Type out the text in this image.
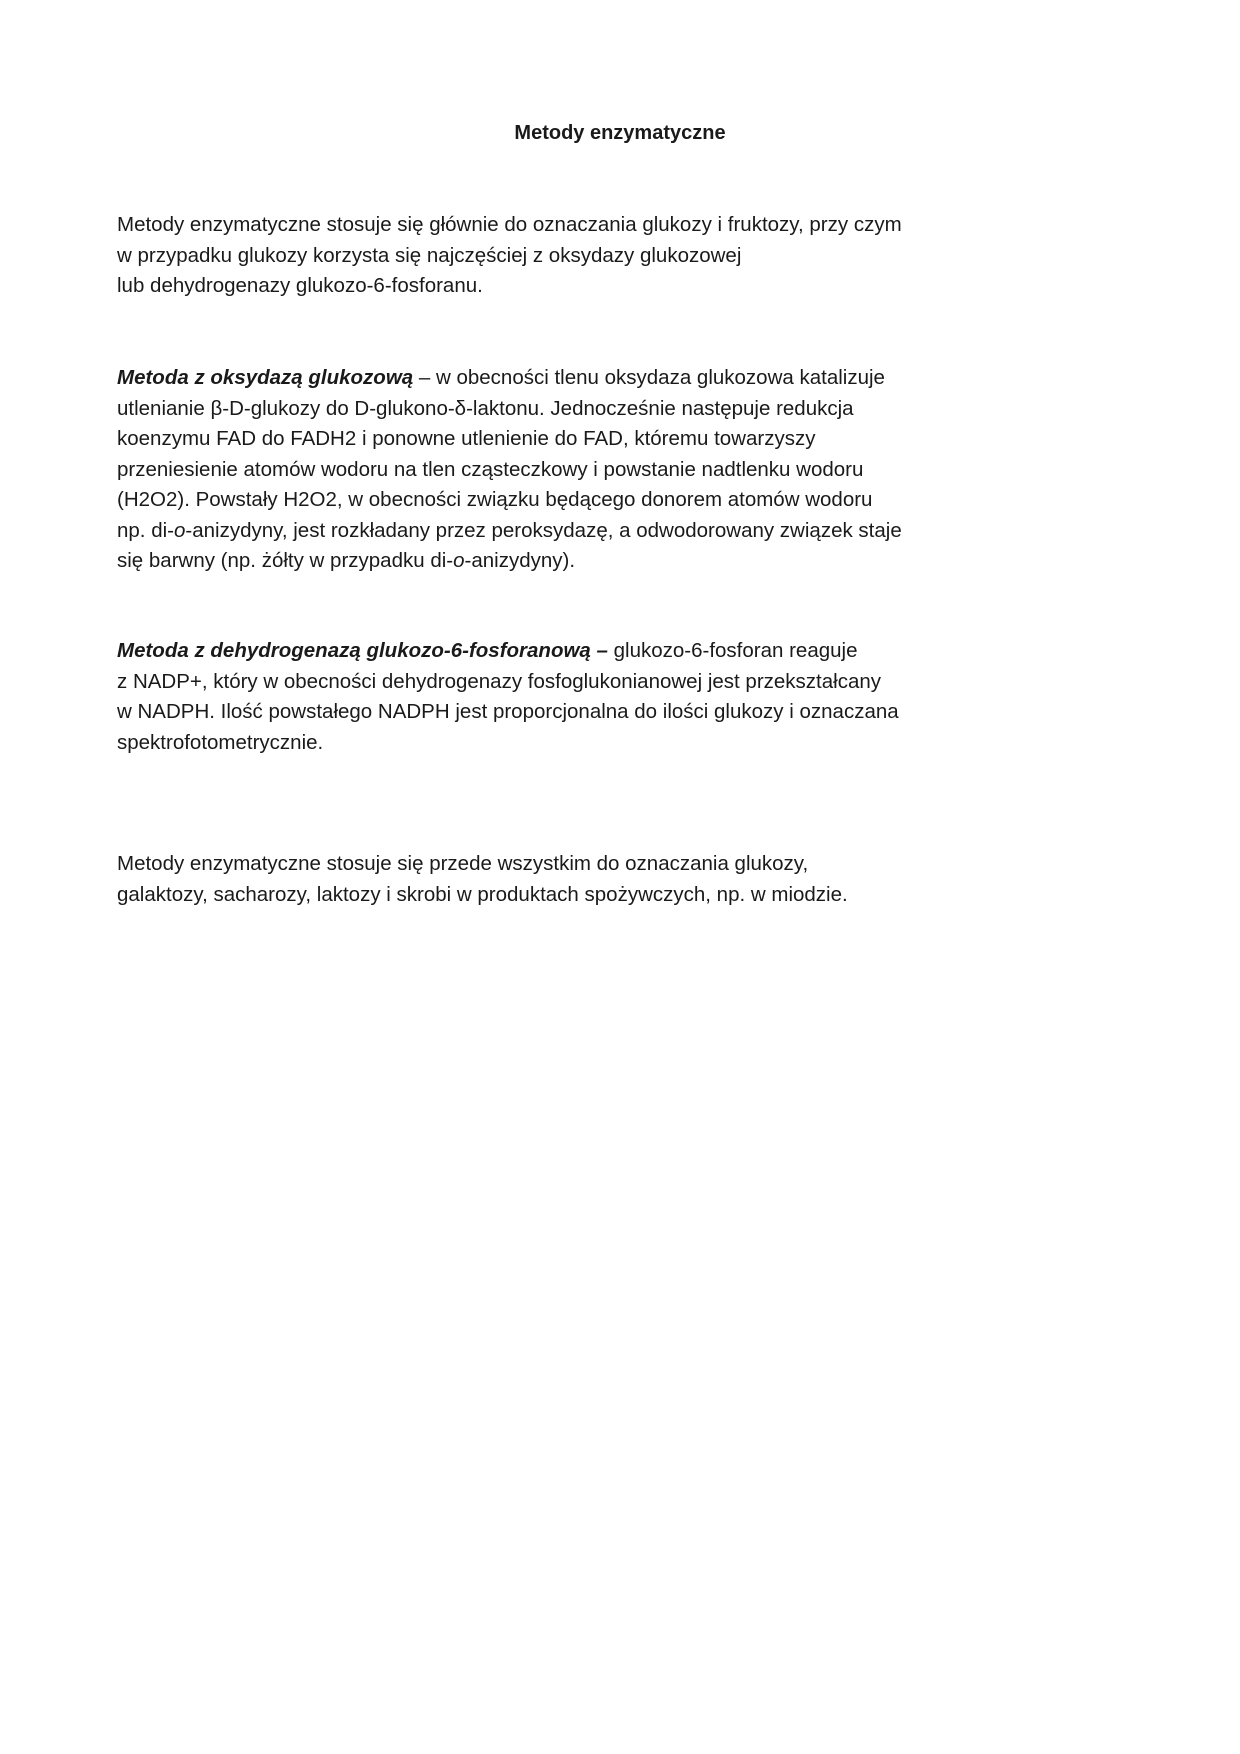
Metody enzymatyczne

Metody enzymatyczne stosuje się głównie do oznaczania glukozy i fruktozy, przy czym
w przypadku glukozy korzysta się najczęściej z oksydazy glukozowej
lub dehydrogenazy glukozo-6-fosforanu.

Metoda z oksydazą glukozową – w obecności tlenu oksydaza glukozowa katalizuje
utlenianie β-D-glukozy do D-glukono-δ-laktonu. Jednocześnie następuje redukcja
koenzymu FAD do FADH2 i ponowne utlenienie do FAD, któremu towarzyszy
przeniesienie atomów wodoru na tlen cząsteczkowy i powstanie nadtlenku wodoru
(H2O2). Powstały H2O2, w obecności związku będącego donorem atomów wodoru
np. di-o-anizydyny, jest rozkładany przez peroksydazę, a odwodorowany związek staje
się barwny (np. żółty w przypadku di-o-anizydyny).

Metoda z dehydrogenazą glukozo-6-fosforanową – glukozo-6-fosforan reaguje
z NADP+, który w obecności dehydrogenazy fosfoglukonianowej jest przekształcany
w NADPH. Ilość powstałego NADPH jest proporcjonalna do ilości glukozy i oznaczana
spektrofotometrycznie.

Metody enzymatyczne stosuje się przede wszystkim do oznaczania glukozy,
galaktozy, sacharozy, laktozy i skrobi w produktach spożywczych, np. w miodzie.
